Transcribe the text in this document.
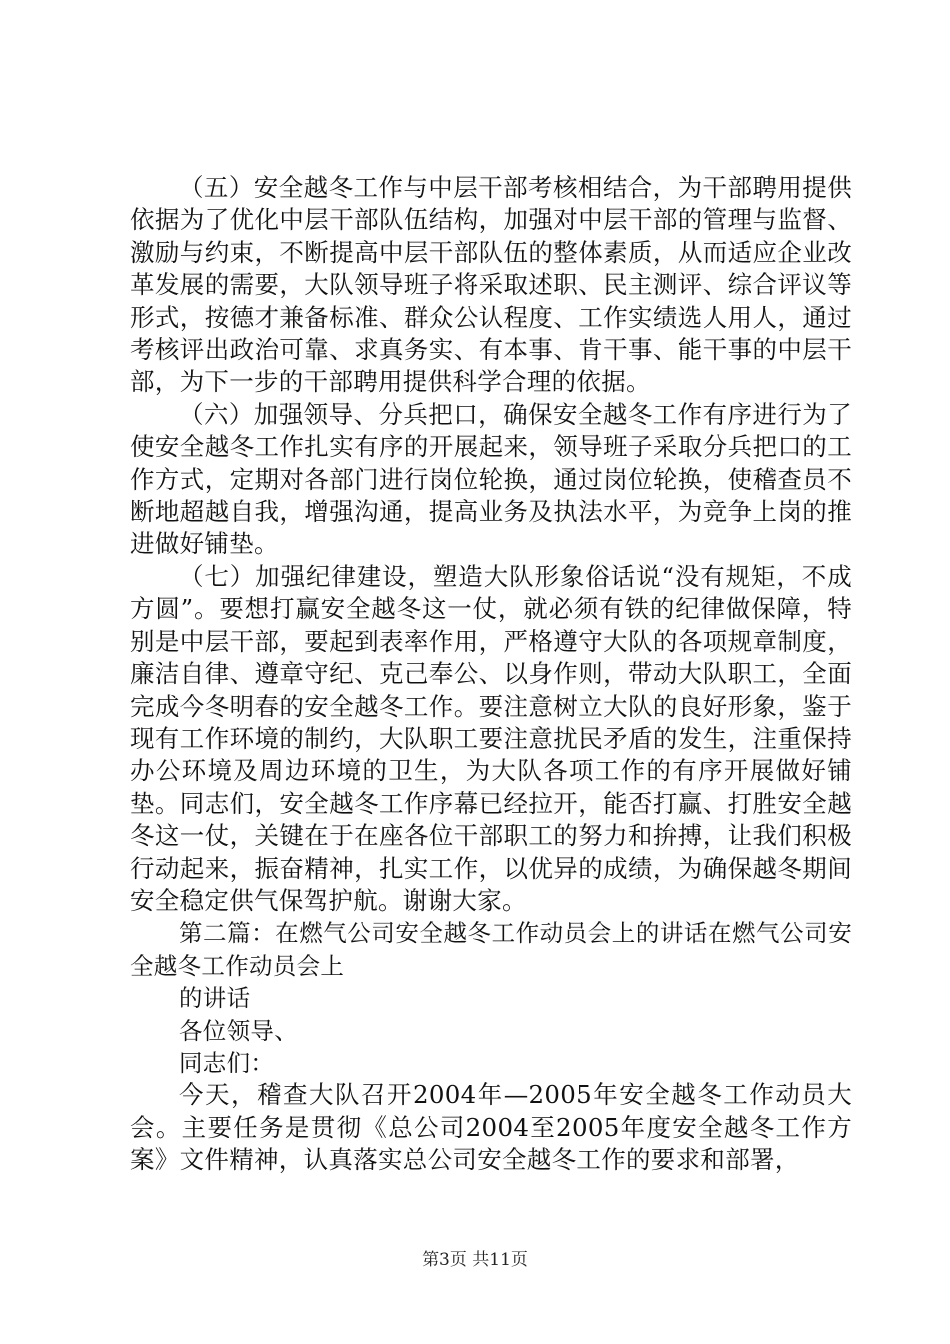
（五）安全越冬工作与中层干部考核相结合，为干部聘用提供依据为了优化中层干部队伍结构，加强对中层干部的管理与监督、激励与约束，不断提高中层干部队伍的整体素质，从而适应企业改革发展的需要，大队领导班子将采取述职、民主测评、综合评议等形式，按德才兼备标准、群众公认程度、工作实绩选人用人，通过考核评出政治可靠、求真务实、有本事、肯干事、能干事的中层干部，为下一步的干部聘用提供科学合理的依据。

（六）加强领导、分兵把口，确保安全越冬工作有序进行为了使安全越冬工作扎实有序的开展起来，领导班子采取分兵把口的工作方式，定期对各部门进行岗位轮换，通过岗位轮换，使稽查员不断地超越自我，增强沟通，提高业务及执法水平，为竞争上岗的推进做好铺垫。

（七）加强纪律建设，塑造大队形象俗话说“没有规矩，不成方圆”。要想打赢安全越冬这一仗，就必须有铁的纪律做保障，特别是中层干部，要起到表率作用，严格遵守大队的各项规章制度，廉洁自律、遵章守纪、克己奉公、以身作则，带动大队职工，全面完成今冬明春的安全越冬工作。要注意树立大队的良好形象，鉴于现有工作环境的制约，大队职工要注意扰民矛盾的发生，注重保持办公环境及周边环境的卫生，为大队各项工作的有序开展做好铺垫。同志们，安全越冬工作序幕已经拉开，能否打赢、打胜安全越冬这一仗，关键在于在座各位干部职工的努力和拚搏，让我们积极行动起来，振奋精神，扎实工作，以优异的成绩，为确保越冬期间安全稳定供气保驾护航。谢谢大家。

第二篇：在燃气公司安全越冬工作动员会上的讲话在燃气公司安全越冬工作动员会上

的讲话

各位领导、

同志们：

今天，稽查大队召开2004年—2005年安全越冬工作动员大会。主要任务是贯彻《总公司2004至2005年度安全越冬工作方案》文件精神，认真落实总公司安全越冬工作的要求和部署，

第3页 共11页
